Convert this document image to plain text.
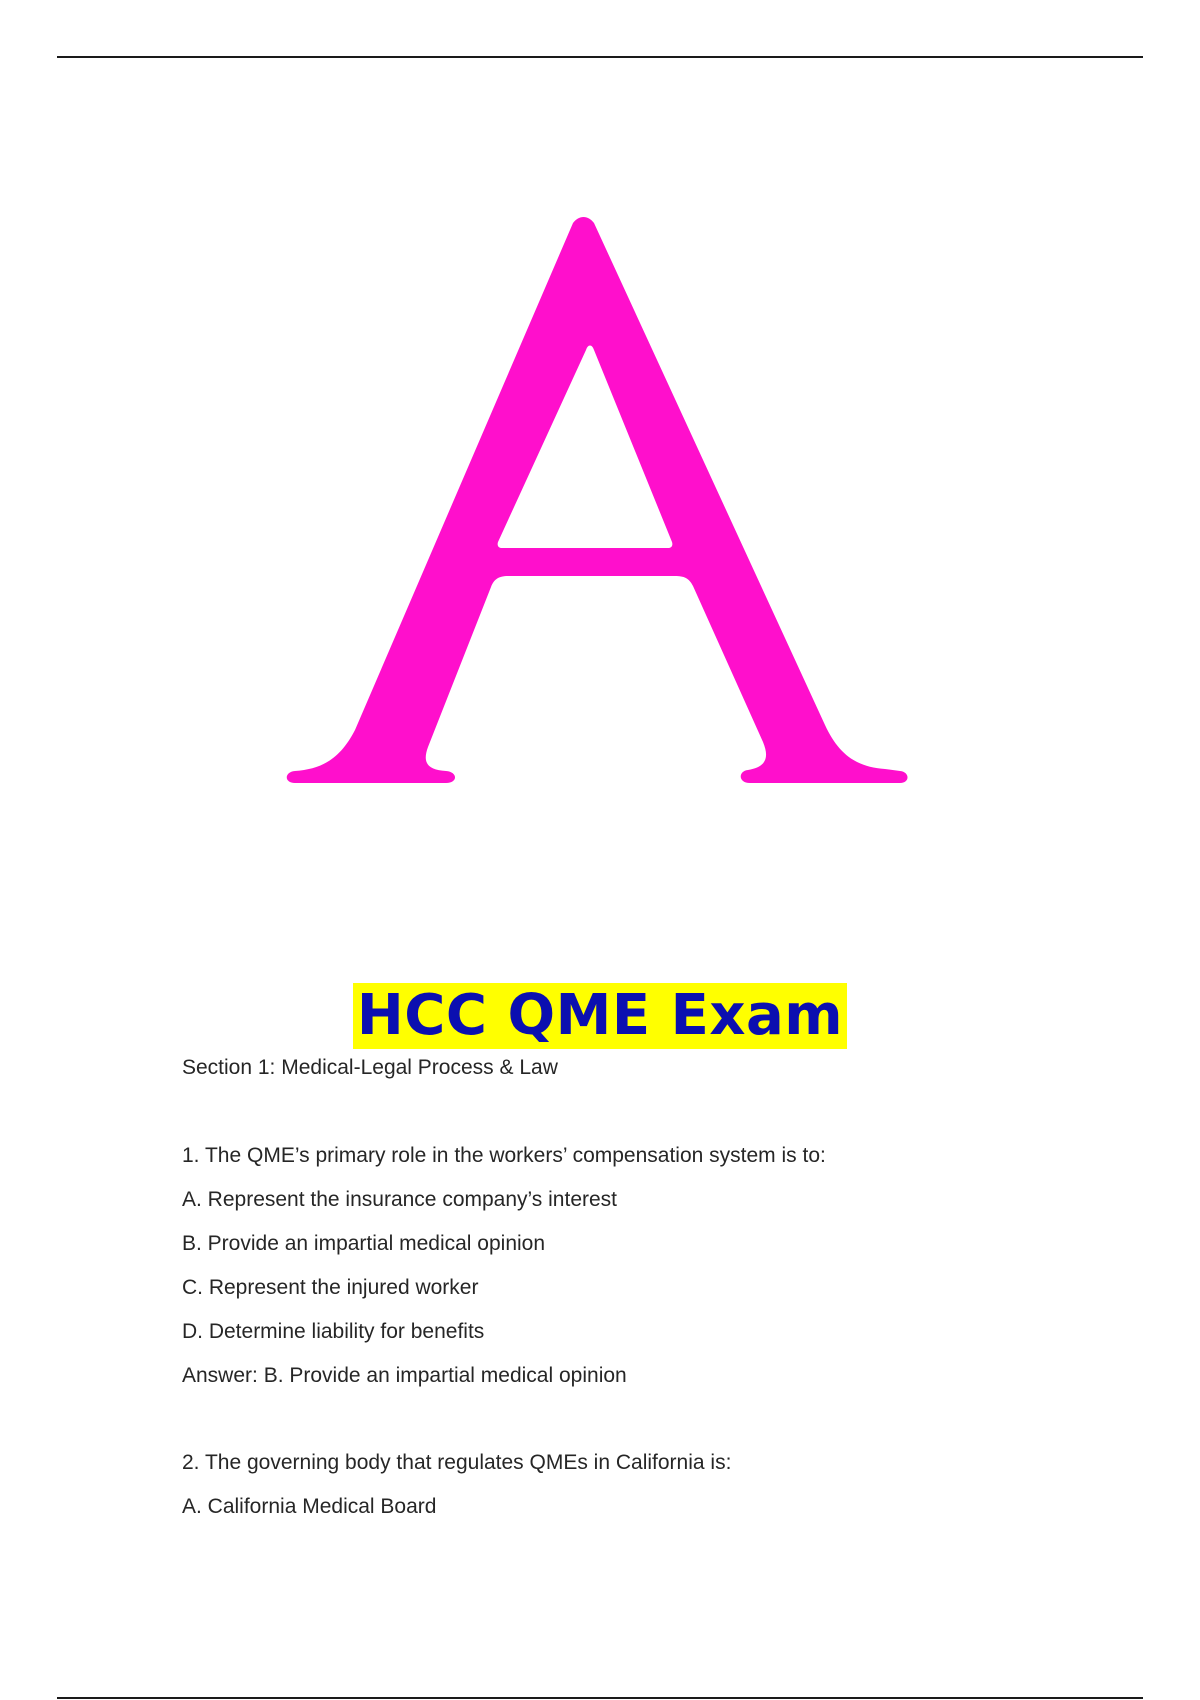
HCC QME Exam
Section 1: Medical-Legal Process & Law
1. The QME’s primary role in the workers’ compensation system is to:
A. Represent the insurance company’s interest
B. Provide an impartial medical opinion
C. Represent the injured worker
D. Determine liability for benefits
Answer: B. Provide an impartial medical opinion
2. The governing body that regulates QMEs in California is:
A. California Medical Board
